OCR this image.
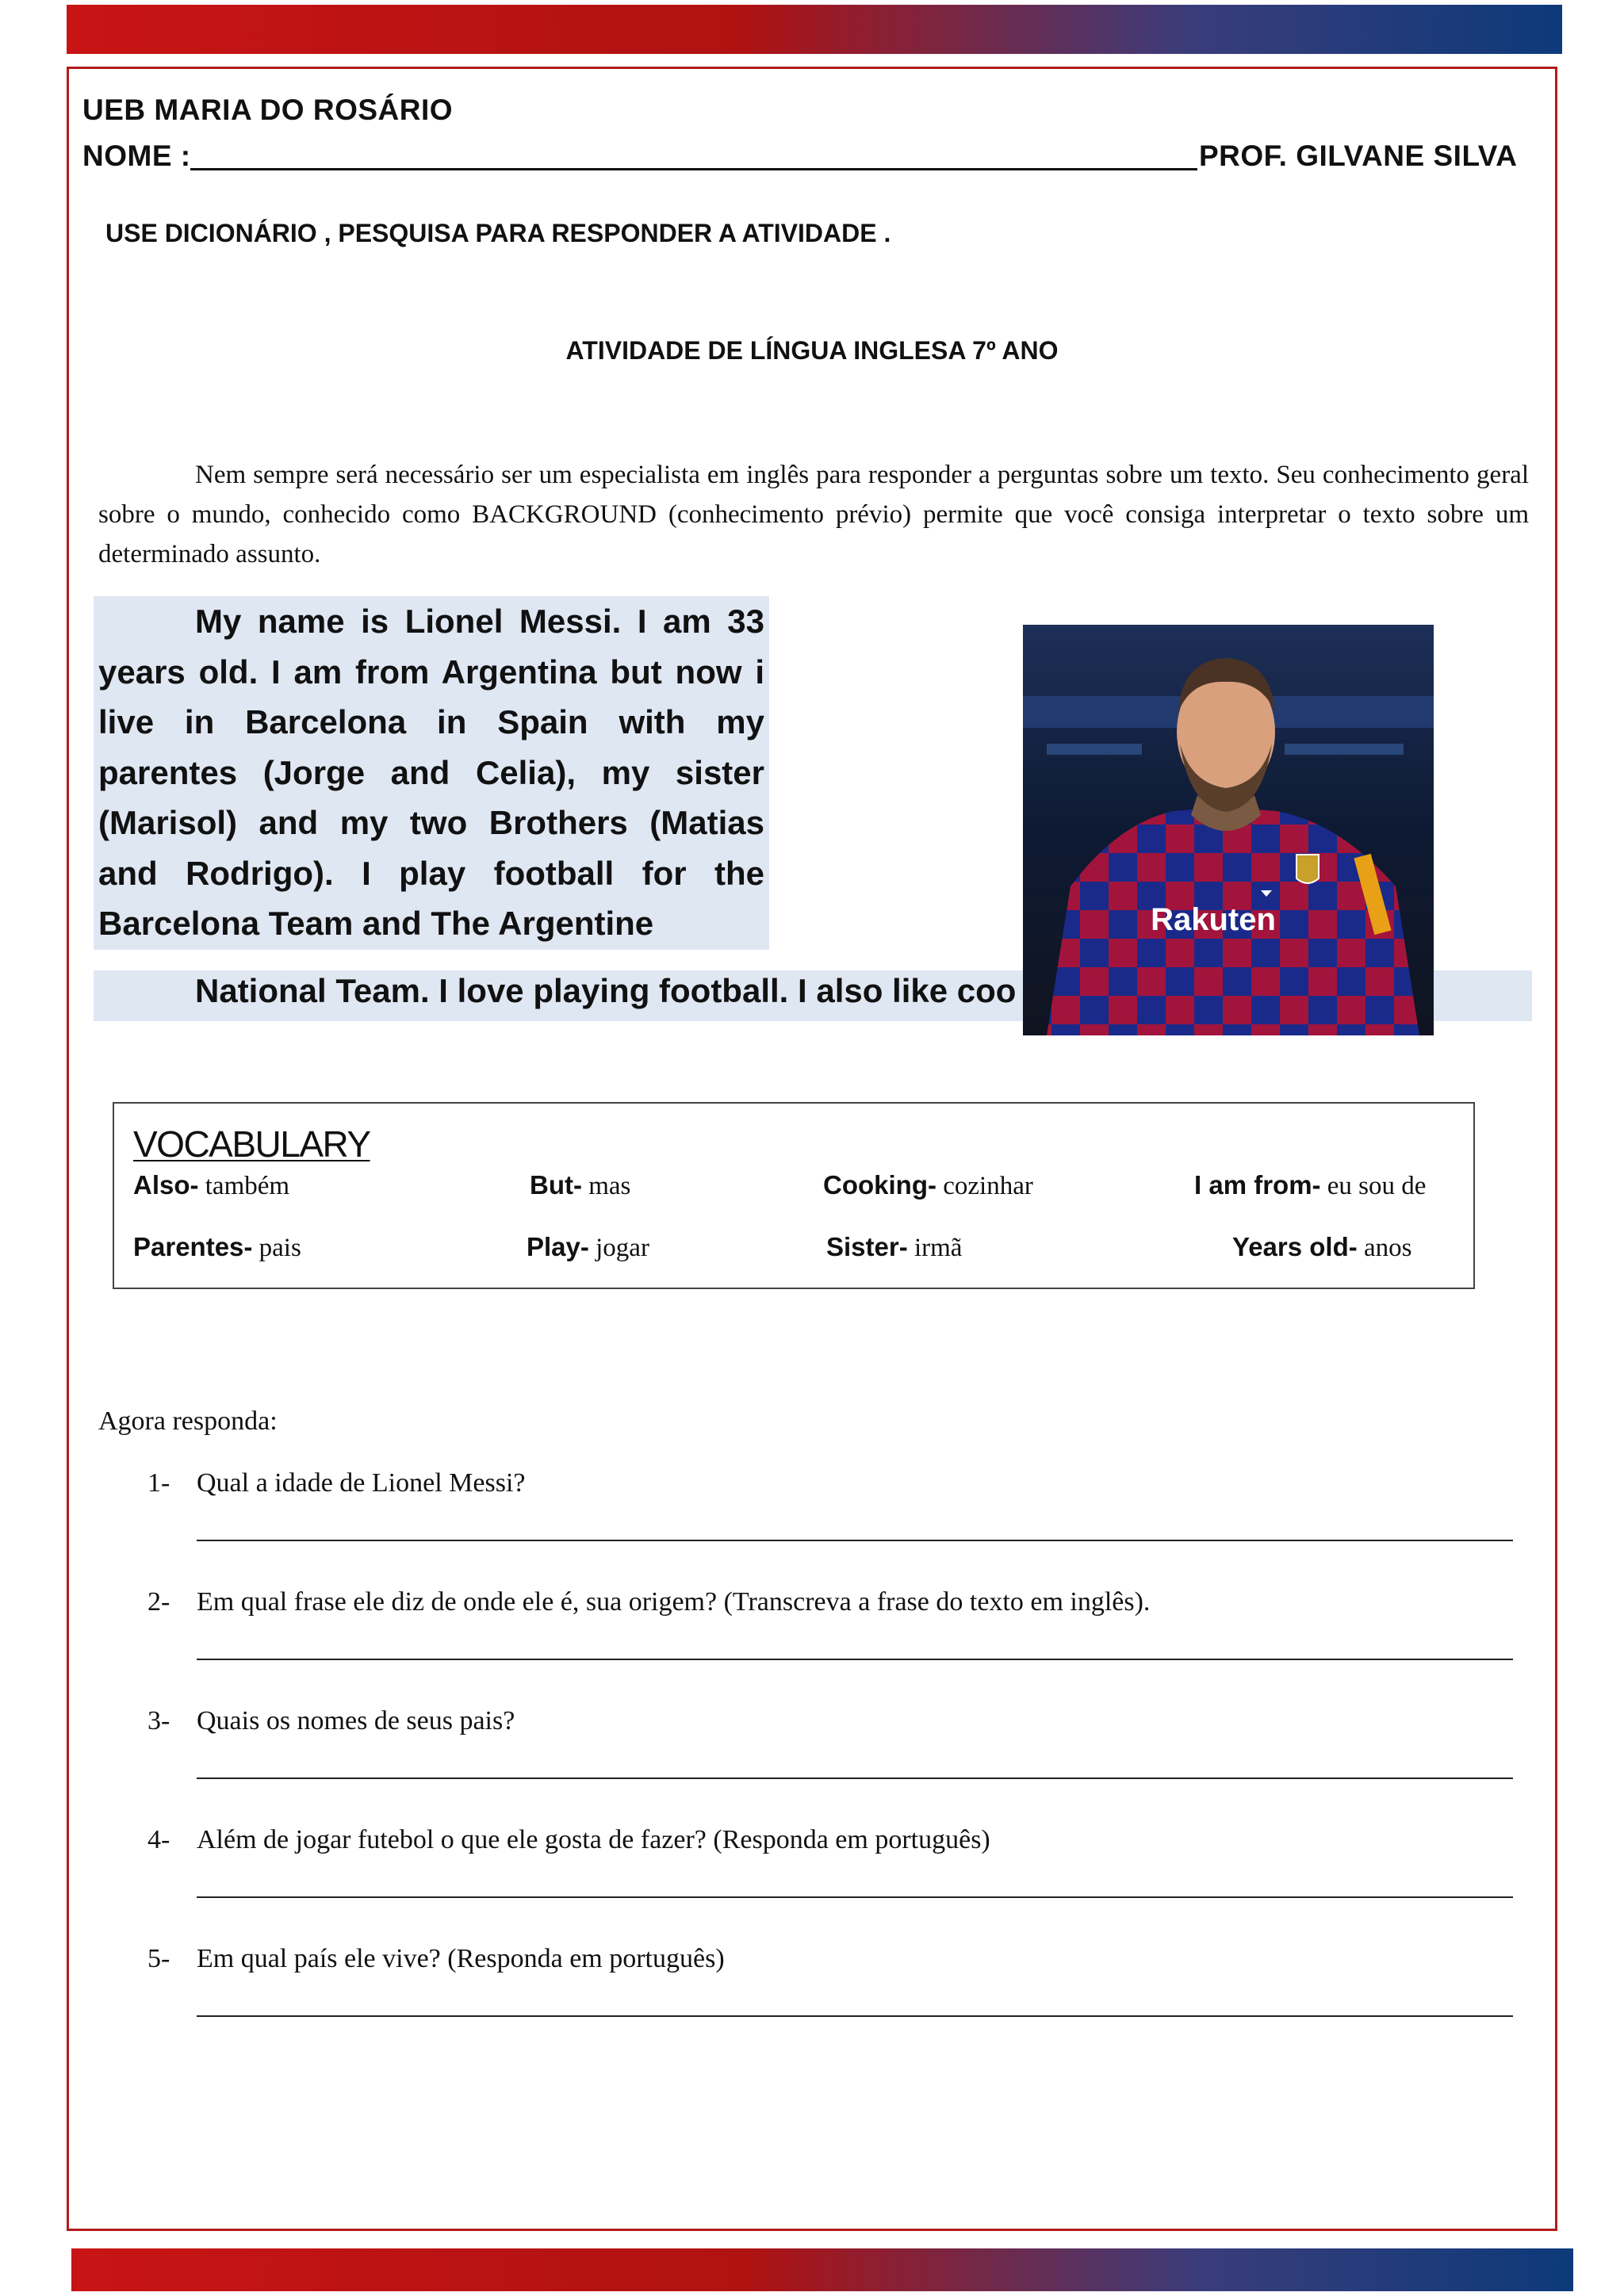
UEB MARIA DO ROSÁRIO
NOME :	PROF. GILVANE SILVA
USE DICIONÁRIO , PESQUISA PARA RESPONDER A ATIVIDADE .
ATIVIDADE DE LÍNGUA INGLESA 7º ANO
Nem sempre será necessário ser um especialista em inglês para responder a perguntas sobre um texto. Seu conhecimento geral sobre o mundo, conhecido como BACKGROUND (conhecimento prévio) permite que você consiga interpretar o texto sobre um determinado assunto.
My name is Lionel Messi. I am 33 years old. I am from Argentina but now i live in Barcelona in Spain with my parentes (Jorge and Celia), my sister (Marisol) and my two Brothers (Matias and Rodrigo). I play football for the Barcelona Team and The Argentine
National Team. I love playing football. I also like coo
Rakuten
VOCABULARY
Also- também	But- mas	Cooking- cozinhar	I am from- eu sou de
Parentes- pais	Play- jogar	Sister- irmã	Years old- anos
Agora responda:
1- Qual a idade de Lionel Messi?
2- Em qual frase ele diz de onde ele é, sua origem? (Transcreva a frase do texto em inglês).
3- Quais os nomes de seus pais?
4- Além de jogar futebol o que ele gosta de fazer? (Responda em português)
5- Em qual país ele vive? (Responda em português)
